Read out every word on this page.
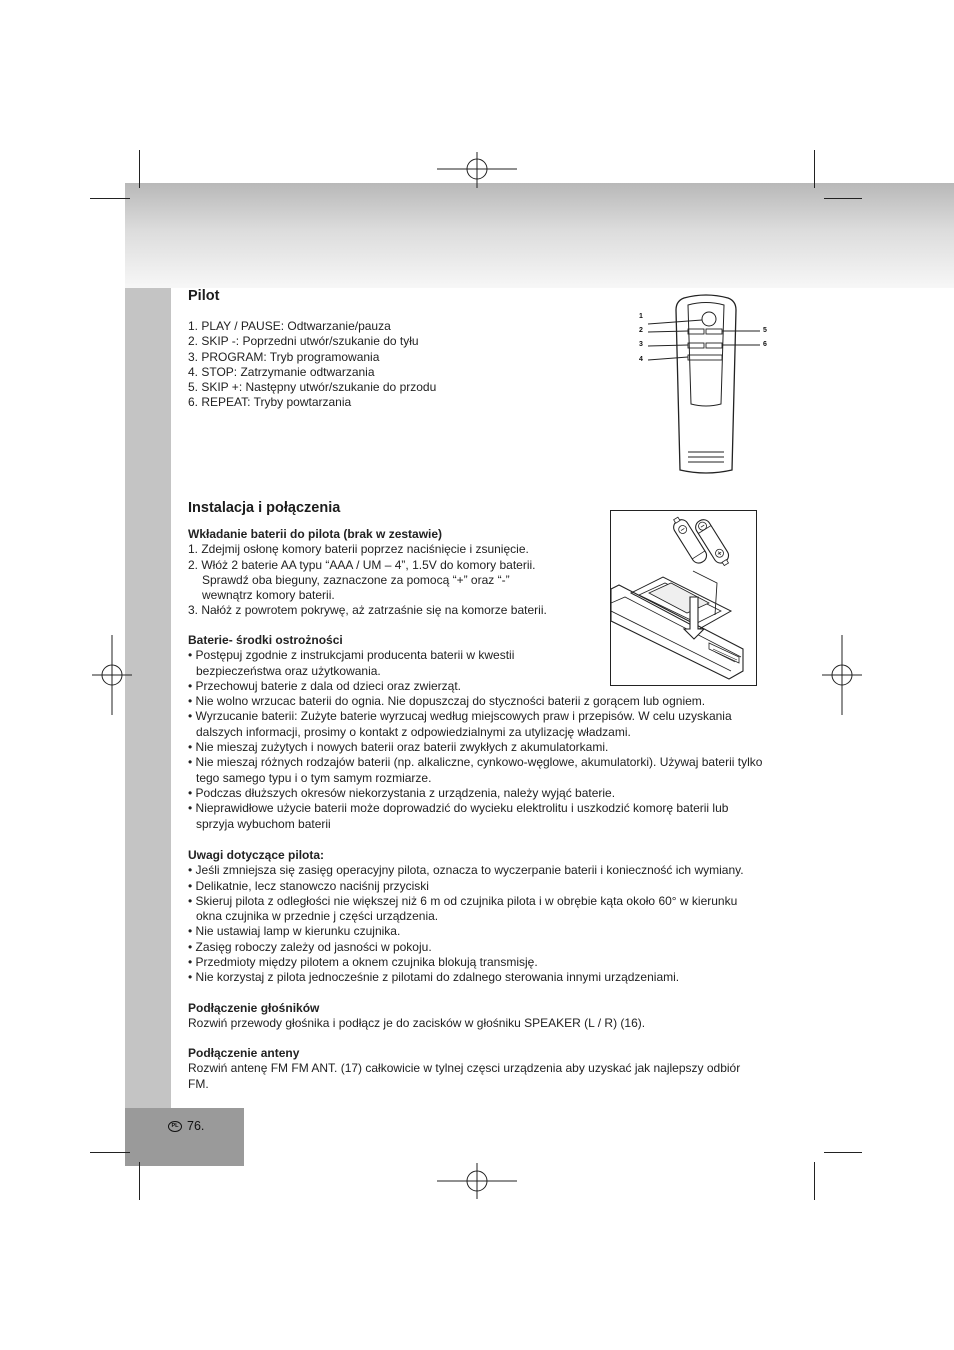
Pilot
1. PLAY / PAUSE: Odtwarzanie/pauza
2. SKIP -: Poprzedni utwór/szukanie do tyłu
3. PROGRAM: Tryb programowania
4. STOP: Zatrzymanie odtwarzania
5. SKIP +: Następny utwór/szukanie do przodu
6. REPEAT: Tryby powtarzania
1
2
3
4
5
6
Instalacja i połączenia
Wkładanie baterii do pilota (brak w zestawie)
1. Zdejmij osłonę komory baterii poprzez naciśnięcie i zsunięcie.
2. Włóż 2 baterie AA typu “AAA / UM – 4”, 1.5V do komory baterii.
Sprawdź oba bieguny, zaznaczone za pomocą “+” oraz “-”
wewnątrz komory baterii.
3. Nałóż z powrotem pokrywę, aż zatrzaśnie się na komorze baterii.
Baterie- środki ostrożności
• Postępuj zgodnie z instrukcjami producenta baterii w kwestii
bezpieczeństwa oraz użytkowania.
• Przechowuj baterie z dala od dzieci oraz zwierząt.
• Nie wolno wrzucac baterii do ognia. Nie dopuszczaj do styczności baterii z gorącem lub ogniem.
• Wyrzucanie baterii: Zużyte baterie wyrzucaj według miejscowych praw i przepisów. W celu uzyskania
dalszych informacji, prosimy o kontakt z odpowiedzialnymi za utylizację władzami.
• Nie mieszaj zużytych i nowych baterii oraz baterii zwykłych z akumulatorkami.
• Nie mieszaj różnych rodzajów baterii (np. alkaliczne, cynkowo-węglowe, akumulatorki). Używaj baterii tylko
tego samego typu i o tym samym rozmiarze.
• Podczas dłuższych okresów niekorzystania z urządzenia, należy wyjąć baterie.
• Nieprawidłowe użycie baterii może doprowadzić do wycieku elektrolitu i uszkodzić komorę baterii lub
sprzyja wybuchom baterii
Uwagi dotyczące pilota:
• Jeśli zmniejsza się zasięg operacyjny pilota, oznacza to wyczerpanie baterii i konieczność ich wymiany.
• Delikatnie, lecz stanowczo naciśnij przyciski
• Skieruj pilota z odległości nie większej niż 6 m od czujnika pilota i w obrębie kąta około 60° w kierunku
okna czujnika w przednie j części urządzenia.
• Nie ustawiaj lamp w kierunku czujnika.
• Zasięg roboczy zależy od jasności w pokoju.
• Przedmioty między pilotem a oknem czujnika blokują transmisję.
• Nie korzystaj z pilota jednocześnie z pilotami do zdalnego sterowania innymi urządzeniami.
Podłączenie głośników
Rozwiń przewody głośnika i podłącz je do zacisków w głośniku SPEAKER (L / R) (16).
Podłączenie anteny
Rozwiń antenę FM FM ANT. (17) całkowicie w tylnej częsci urządzenia aby uzyskać jak najlepszy odbiór
FM.
PL 76.
